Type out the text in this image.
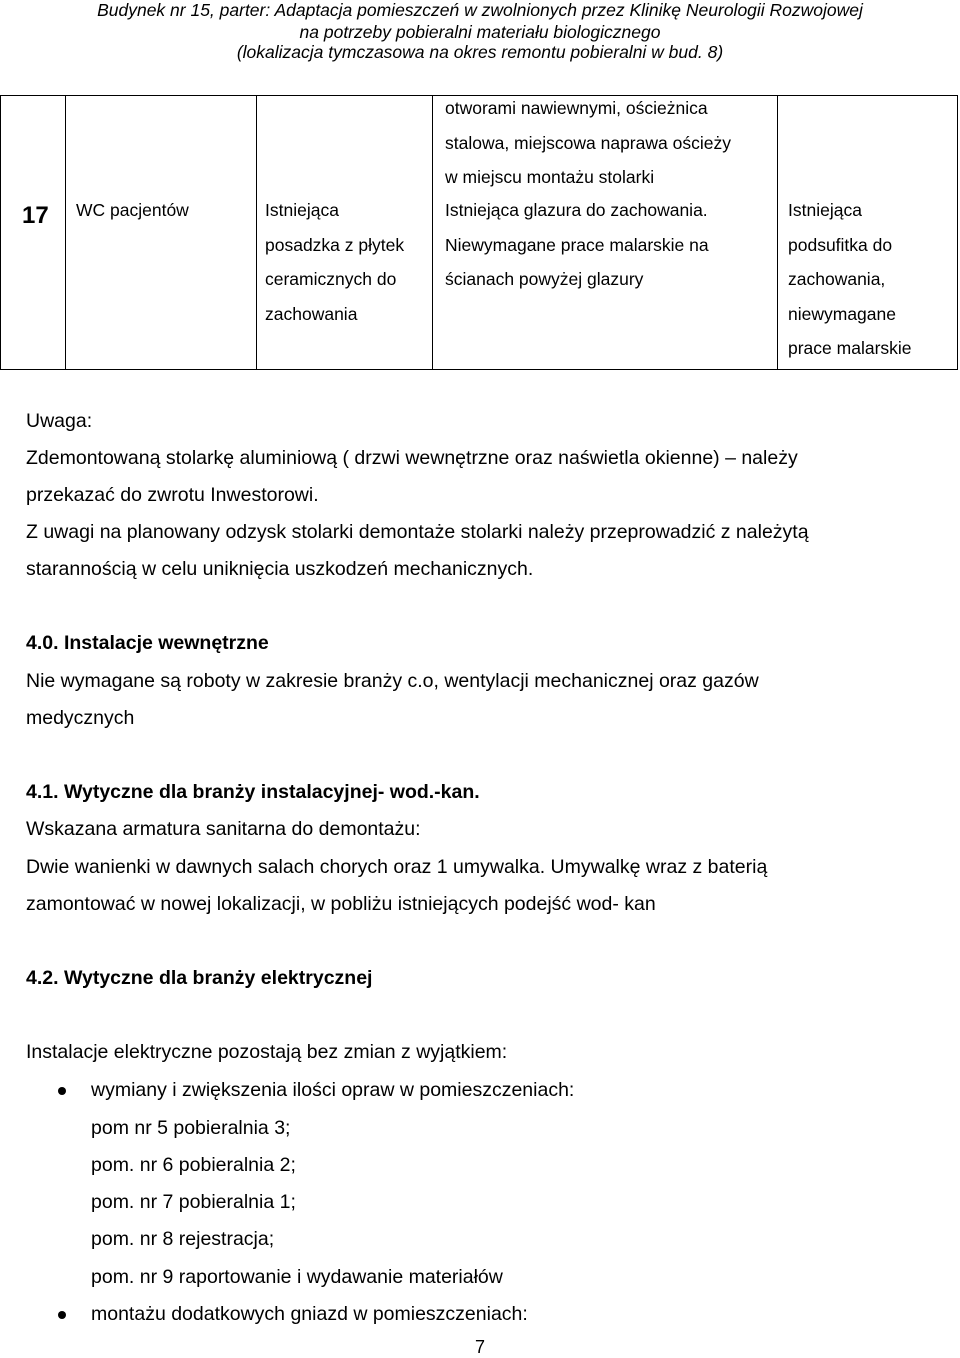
Budynek nr 15, parter: Adaptacja pomieszczeń w zwolnionych przez Klinikę Neurologii Rozwojowej
na potrzeby pobieralni materiału biologicznego
(lokalizacja tymczasowa na okres remontu pobieralni w bud. 8)
otworami nawiewnymi, ościeżnica
stalowa, miejscowa naprawa ościeży
w miejscu montażu stolarki
17 WC pacjentów	Istniejąca
posadzka z płytek
ceramicznych do
zachowania
Istniejąca glazura do zachowania.
Niewymagane prace malarskie na
ścianach powyżej glazury
Istniejąca
podsufitka do
zachowania,
niewymagane
prace malarskie
Uwaga:
Zdemontowaną stolarkę aluminiową ( drzwi wewnętrzne oraz naświetla okienne) – należy
przekazać do zwrotu Inwestorowi.
Z uwagi na planowany odzysk stolarki demontaże stolarki należy przeprowadzić z należytą
starannością w celu uniknięcia uszkodzeń mechanicznych.
4.0. Instalacje wewnętrzne
Nie wymagane są roboty w zakresie branży c.o, wentylacji mechanicznej oraz gazów
medycznych
4.1. Wytyczne dla branży instalacyjnej- wod.-kan.
Wskazana armatura sanitarna do demontażu:
Dwie wanienki w dawnych salach chorych oraz 1 umywalka. Umywalkę wraz z baterią
zamontować w nowej lokalizacji, w pobliżu istniejących podejść wod- kan
4.2. Wytyczne dla branży elektrycznej
Instalacje elektryczne pozostają bez zmian z wyjątkiem:
wymiany i zwiększenia ilości opraw w pomieszczeniach:
pom nr 5 pobieralnia 3;
pom. nr 6 pobieralnia 2;
pom. nr 7 pobieralnia 1;
pom. nr 8 rejestracja;
pom. nr 9 raportowanie i wydawanie materiałów
montażu dodatkowych gniazd w pomieszczeniach:
7
